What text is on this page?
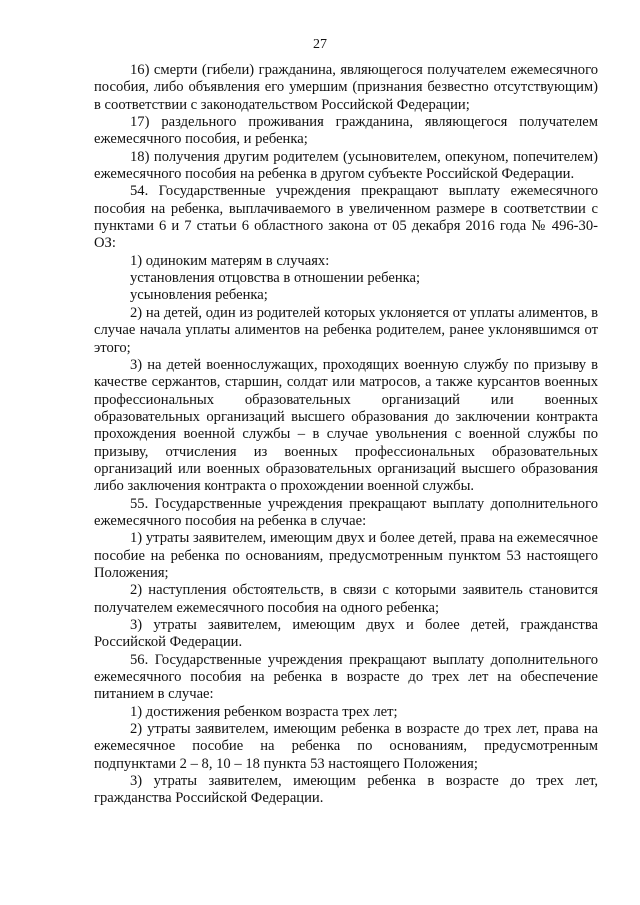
27

16) смерти (гибели) гражданина, являющегося получателем ежемесячного пособия, либо объявления его умершим (признания безвестно отсутствующим) в соответствии с законодательством Российской Федерации;

17) раздельного проживания гражданина, являющегося получателем ежемесячного пособия, и ребенка;

18) получения другим родителем (усыновителем, опекуном, попечителем) ежемесячного пособия на ребенка в другом субъекте Российской Федерации.

54. Государственные учреждения прекращают выплату ежемесячного пособия на ребенка, выплачиваемого в увеличенном размере в соответствии с пунктами 6 и 7 статьи 6 областного закона от 05 декабря 2016 года № 496-30-ОЗ:

1) одиноким матерям в случаях:

установления отцовства в отношении ребенка;

усыновления ребенка;

2) на детей, один из родителей которых уклоняется от уплаты алиментов, в случае начала уплаты алиментов на ребенка родителем, ранее уклонявшимся от этого;

3) на детей военнослужащих, проходящих военную службу по призыву в качестве сержантов, старшин, солдат или матросов, а также курсантов военных профессиональных образовательных организаций или военных образовательных организаций высшего образования до заключении контракта прохождения военной службы – в случае увольнения с военной службы по призыву, отчисления из военных профессиональных образовательных организаций или военных образовательных организаций высшего образования либо заключения контракта о прохождении военной службы.

55. Государственные учреждения прекращают выплату дополнительного ежемесячного пособия на ребенка в случае:

1) утраты заявителем, имеющим двух и более детей, права на ежемесячное пособие на ребенка по основаниям, предусмотренным пунктом 53 настоящего Положения;

2) наступления обстоятельств, в связи с которыми заявитель становится получателем ежемесячного пособия на одного ребенка;

3) утраты заявителем, имеющим двух и более детей, гражданства Российской Федерации.

56. Государственные учреждения прекращают выплату дополнительного ежемесячного пособия на ребенка в возрасте до трех лет на обеспечение питанием в случае:

1) достижения ребенком возраста трех лет;

2) утраты заявителем, имеющим ребенка в возрасте до трех лет, права на ежемесячное пособие на ребенка по основаниям, предусмотренным подпунктами 2 – 8, 10 – 18 пункта 53 настоящего Положения;

3) утраты заявителем, имеющим ребенка в возрасте до трех лет, гражданства Российской Федерации.
